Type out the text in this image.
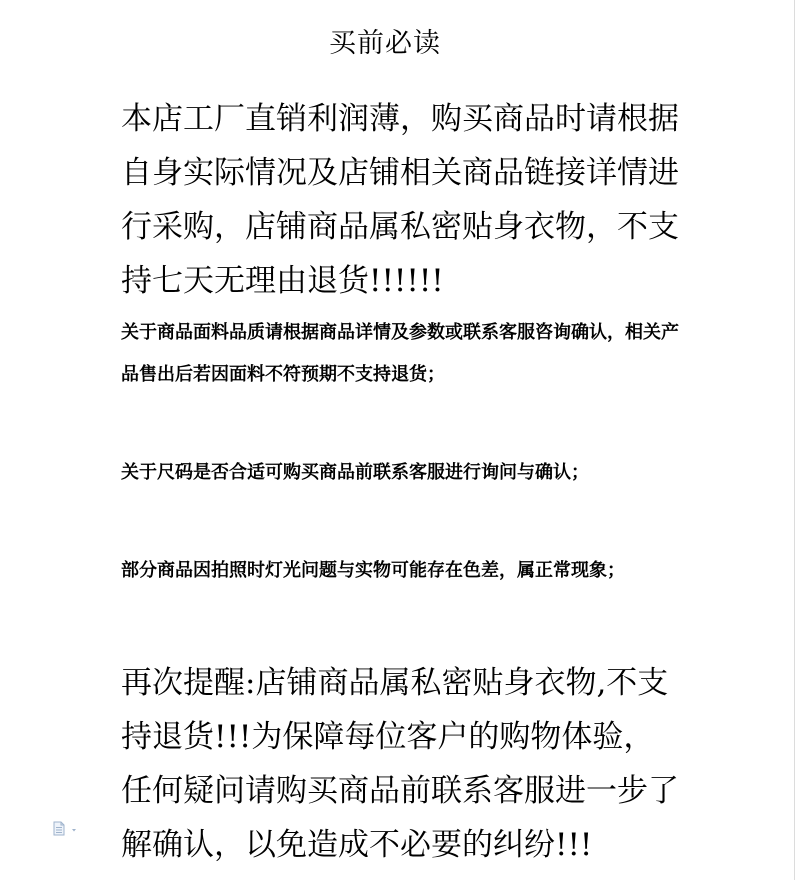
买前必读

本店工厂直销利润薄，购买商品时请根据自身实际情况及店铺相关商品链接详情进行采购，店铺商品属私密贴身衣物，不支持七天无理由退货!!!!!!

关于商品面料品质请根据商品详情及参数或联系客服咨询确认，相关产品售出后若因面料不符预期不支持退货；

关于尺码是否合适可购买商品前联系客服进行询问与确认；

部分商品因拍照时灯光问题与实物可能存在色差，属正常现象；

再次提醒:店铺商品属私密贴身衣物,不支持退货!!!为保障每位客户的购物体验，任何疑问请购买商品前联系客服进一步了解确认，以免造成不必要的纠纷!!!
